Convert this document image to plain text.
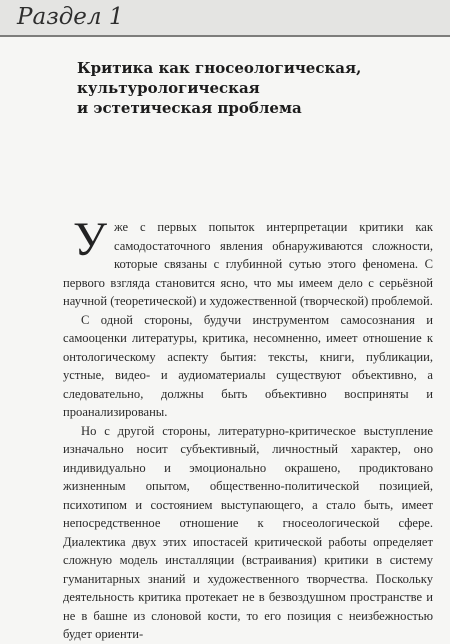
Раздел 1
Критика как гносеологическая,
культурологическая
и эстетическая проблема

Уже с первых попыток интерпретации критики как самодостаточного явления обнаруживаются сложности, которые связаны с глубинной сутью этого феномена. С первого взгляда становится ясно, что мы имеем дело с серьёзной научной (теоретической) и художественной (творческой) проблемой.

С одной стороны, будучи инструментом самосознания и самооценки литературы, критика, несомненно, имеет отношение к онтологическому аспекту бытия: тексты, книги, публикации, устные, видео- и аудиоматериалы существуют объективно, а следовательно, должны быть объективно восприняты и проанализированы.

Но с другой стороны, литературно-критическое выступление изначально носит субъективный, личностный характер, оно индивидуально и эмоционально окрашено, продиктовано жизненным опытом, общественно-политической позицией, психотипом и состоянием выступающего, а стало быть, имеет непосредственное отношение к гносеологической сфере. Диалектика двух этих ипостасей критической работы определяет сложную модель инсталляции (встраивания) критики в систему гуманитарных знаний и художественного творчества. Поскольку деятельность критика протекает не в безвоздушном пространстве и не в башне из слоновой кости, то его позиция с неизбежностью будет ориенти-
